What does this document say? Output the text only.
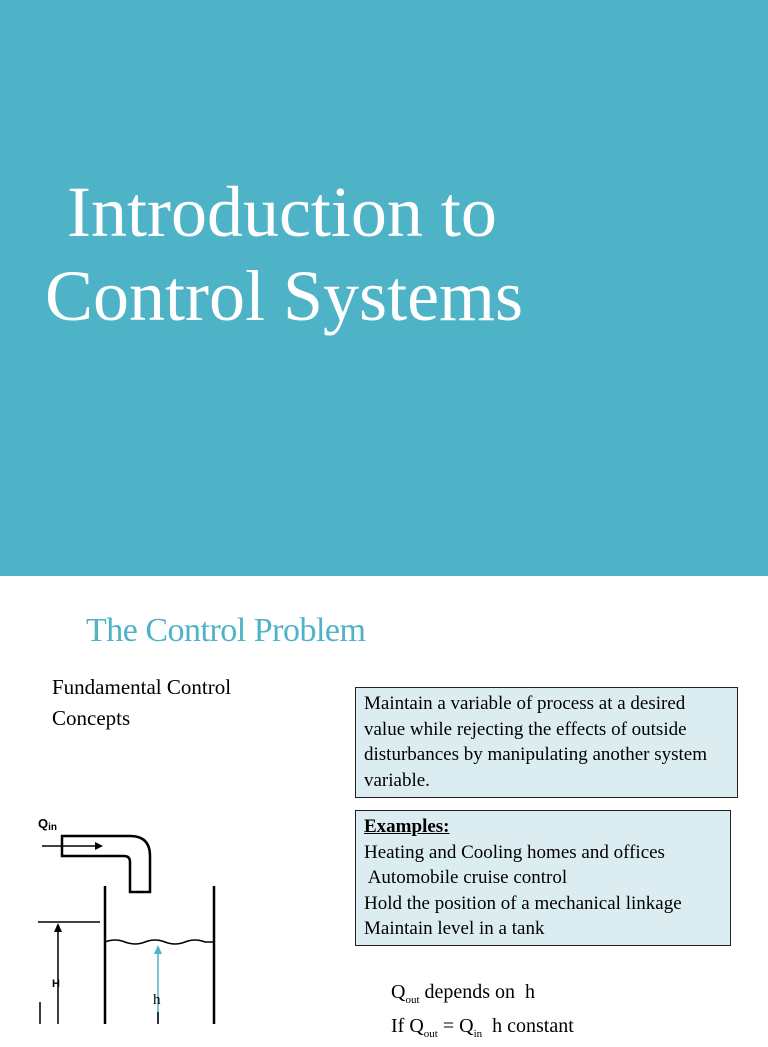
Introduction to
Control Systems
The Control Problem
Fundamental Control
Concepts
Maintain a variable of process at a desired value while rejecting the effects of outside disturbances by manipulating another system variable.
Examples:
Heating and Cooling homes and offices
Automobile cruise control
Hold the position of a mechanical linkage
Maintain level in a tank
$Q_{out}$ depends on  h
If $Q_{out} = Q_{in}$  h constant
Qin
H
h
